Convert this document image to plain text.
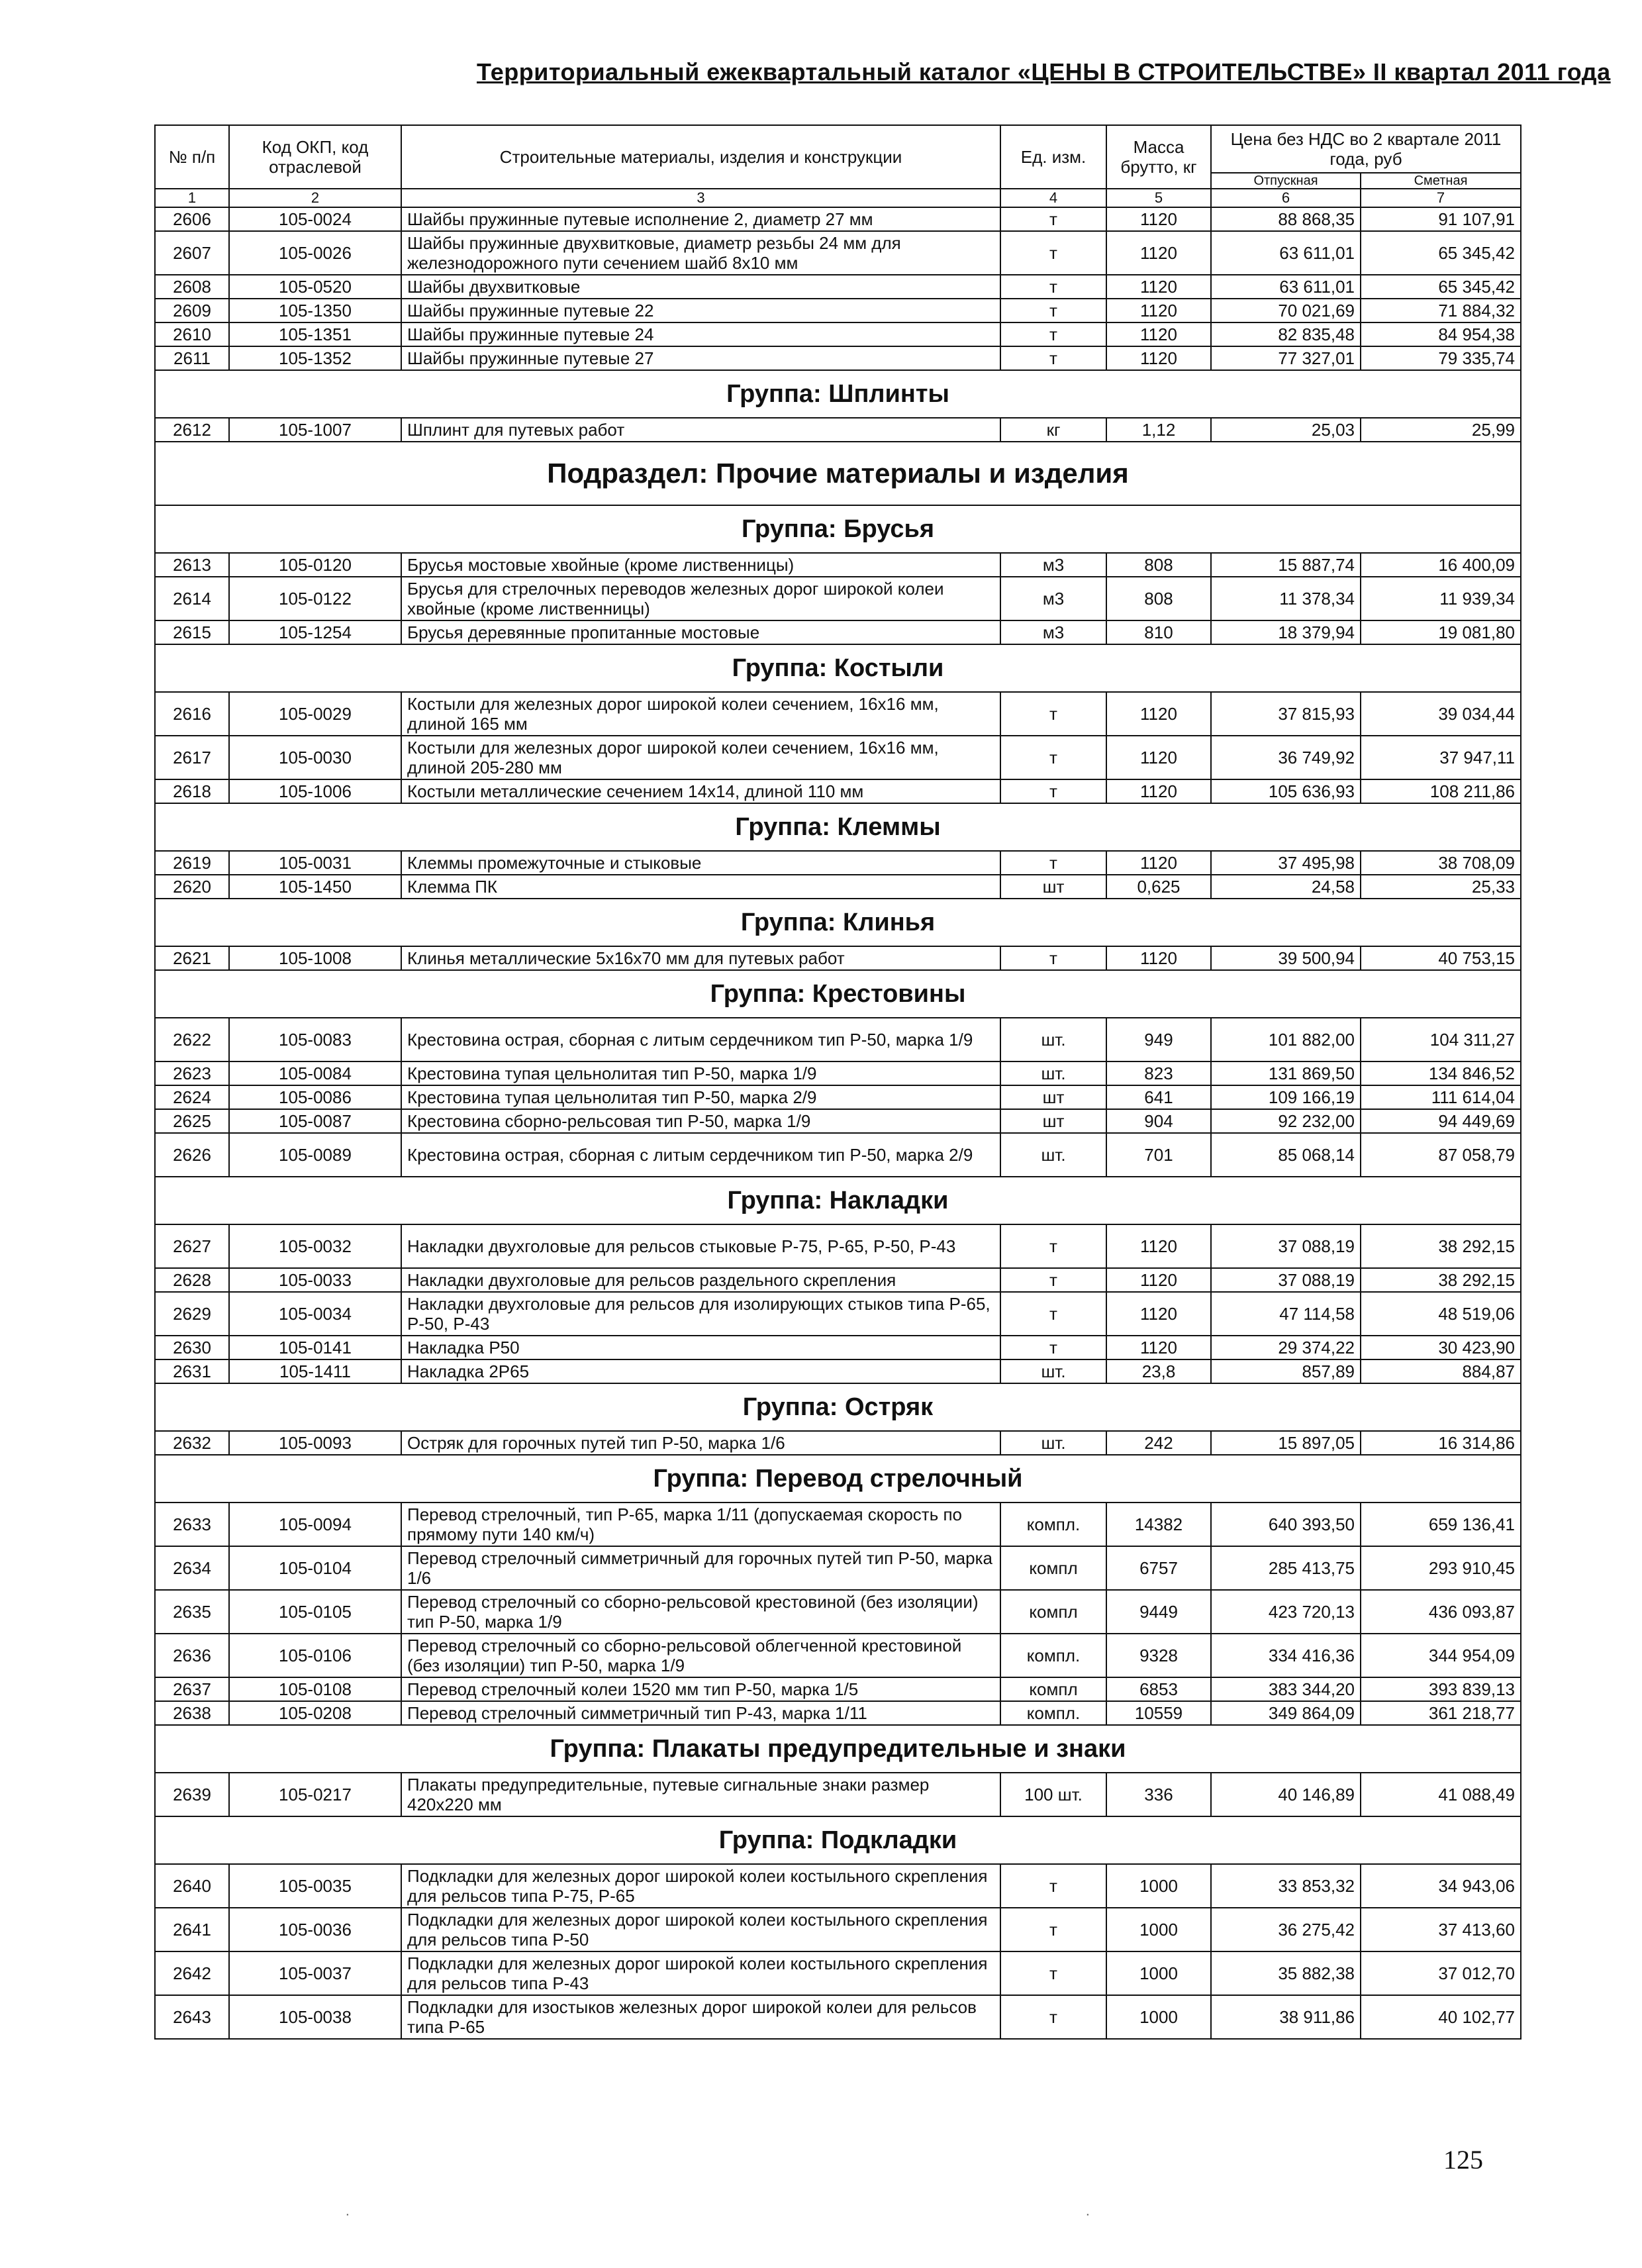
Территориальный ежеквартальный каталог «ЦЕНЫ В СТРОИТЕЛЬСТВЕ» II квартал 2011 года
№ п/п	Код ОКП, код отраслевой	Строительные материалы, изделия и конструкции	Ед. изм.	Масса брутто, кг	Цена без НДС во 2 квартале 2011 года, руб	
					Отпускная	Сметная
1	2	3	4	5	6	7
2606	105-0024	Шайбы пружинные путевые исполнение 2, диаметр 27 мм	т	1120	88 868,35	91 107,91
2607	105-0026	Шайбы пружинные двухвитковые, диаметр резьбы 24 мм для железнодорожного пути сечением шайб 8x10 мм	т	1120	63 611,01	65 345,42
2608	105-0520	Шайбы двухвитковые	т	1120	63 611,01	65 345,42
2609	105-1350	Шайбы пружинные путевые 22	т	1120	70 021,69	71 884,32
2610	105-1351	Шайбы пружинные путевые 24	т	1120	82 835,48	84 954,38
2611	105-1352	Шайбы пружинные путевые 27	т	1120	77 327,01	79 335,74
Группа: Шплинты						
2612	105-1007	Шплинт для путевых работ	кг	1,12	25,03	25,99
Подраздел: Прочие материалы и изделия						
Группа: Брусья						
2613	105-0120	Брусья мостовые хвойные (кроме лиственницы)	м3	808	15 887,74	16 400,09
2614	105-0122	Брусья для стрелочных переводов железных дорог широкой колеи хвойные (кроме лиственницы)	м3	808	11 378,34	11 939,34
2615	105-1254	Брусья деревянные пропитанные мостовые	м3	810	18 379,94	19 081,80
Группа: Костыли						
2616	105-0029	Костыли для железных дорог широкой колеи сечением, 16x16 мм, длиной 165 мм	т	1120	37 815,93	39 034,44
2617	105-0030	Костыли для железных дорог широкой колеи сечением, 16x16 мм, длиной 205-280 мм	т	1120	36 749,92	37 947,11
2618	105-1006	Костыли металлические сечением 14x14, длиной 110 мм	т	1120	105 636,93	108 211,86
Группа: Клеммы						
2619	105-0031	Клеммы промежуточные и стыковые	т	1120	37 495,98	38 708,09
2620	105-1450	Клемма ПК	шт	0,625	24,58	25,33
Группа: Клинья						
2621	105-1008	Клинья металлические 5x16x70 мм для путевых работ	т	1120	39 500,94	40 753,15
Группа: Крестовины						
2622	105-0083	Крестовина острая, сборная с литым сердечником тип Р-50, марка 1/9	шт.	949	101 882,00	104 311,27
2623	105-0084	Крестовина тупая цельнолитая тип Р-50, марка 1/9	шт.	823	131 869,50	134 846,52
2624	105-0086	Крестовина тупая цельнолитая тип Р-50, марка 2/9	шт	641	109 166,19	111 614,04
2625	105-0087	Крестовина сборно-рельсовая тип Р-50, марка 1/9	шт	904	92 232,00	94 449,69
2626	105-0089	Крестовина острая, сборная с литым сердечником тип Р-50, марка 2/9	шт.	701	85 068,14	87 058,79
Группа: Накладки						
2627	105-0032	Накладки двухголовые для рельсов стыковые Р-75, Р-65, Р-50, Р-43	т	1120	37 088,19	38 292,15
2628	105-0033	Накладки двухголовые для рельсов раздельного скрепления	т	1120	37 088,19	38 292,15
2629	105-0034	Накладки двухголовые для рельсов для изолирующих стыков типа Р-65, Р-50, Р-43	т	1120	47 114,58	48 519,06
2630	105-0141	Накладка Р50	т	1120	29 374,22	30 423,90
2631	105-1411	Накладка 2Р65	шт.	23,8	857,89	884,87
Группа: Остряк						
2632	105-0093	Остряк для горочных путей тип Р-50, марка 1/6	шт.	242	15 897,05	16 314,86
Группа: Перевод стрелочный						
2633	105-0094	Перевод стрелочный, тип Р-65, марка 1/11 (допускаемая скорость по прямому пути 140 км/ч)	компл.	14382	640 393,50	659 136,41
2634	105-0104	Перевод стрелочный симметричный для горочных путей тип Р-50, марка 1/6	компл	6757	285 413,75	293 910,45
2635	105-0105	Перевод стрелочный со сборно-рельсовой крестовиной (без изоляции) тип Р-50, марка 1/9	компл	9449	423 720,13	436 093,87
2636	105-0106	Перевод стрелочный со сборно-рельсовой облегченной крестовиной (без изоляции) тип Р-50, марка 1/9	компл.	9328	334 416,36	344 954,09
2637	105-0108	Перевод стрелочный колеи 1520 мм тип Р-50, марка 1/5	компл	6853	383 344,20	393 839,13
2638	105-0208	Перевод стрелочный симметричный тип Р-43, марка 1/11	компл.	10559	349 864,09	361 218,77
Группа: Плакаты предупредительные и знаки						
2639	105-0217	Плакаты предупредительные, путевые сигнальные знаки размер 420x220 мм	100 шт.	336	40 146,89	41 088,49
Группа: Подкладки						
2640	105-0035	Подкладки для железных дорог широкой колеи костыльного скрепления для рельсов типа Р-75, Р-65	т	1000	33 853,32	34 943,06
2641	105-0036	Подкладки для железных дорог широкой колеи костыльного скрепления для рельсов типа Р-50	т	1000	36 275,42	37 413,60
2642	105-0037	Подкладки для железных дорог широкой колеи костыльного скрепления для рельсов типа Р-43	т	1000	35 882,38	37 012,70
2643	105-0038	Подкладки для изостыков железных дорог широкой колеи для рельсов типа Р-65	т	1000	38 911,86	40 102,77
125
˙	˙
